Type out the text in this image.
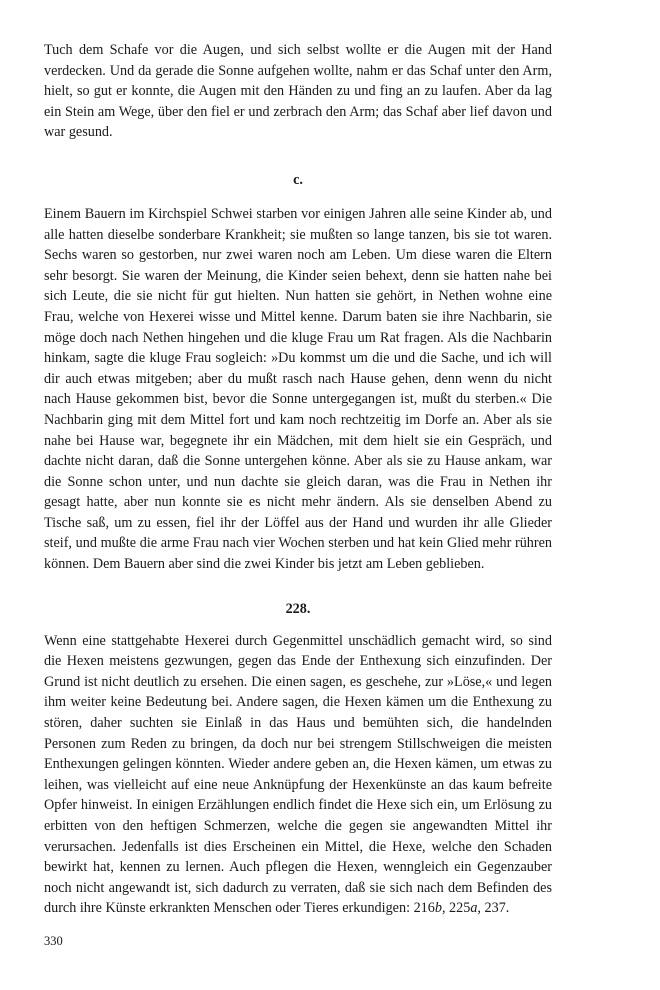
Tuch dem Schafe vor die Augen, und sich selbst wollte er die Augen mit der Hand verdecken. Und da gerade die Sonne aufgehen wollte, nahm er das Schaf unter den Arm, hielt, so gut er konnte, die Augen mit den Händen zu und fing an zu laufen. Aber da lag ein Stein am Wege, über den fiel er und zerbrach den Arm; das Schaf aber lief davon und war gesund.

c.

Einem Bauern im Kirchspiel Schwei starben vor einigen Jahren alle seine Kinder ab, und alle hatten dieselbe sonderbare Krankheit; sie mußten so lange tanzen, bis sie tot waren. Sechs waren so gestorben, nur zwei waren noch am Leben. Um diese waren die Eltern sehr besorgt. Sie waren der Meinung, die Kinder seien behext, denn sie hatten nahe bei sich Leute, die sie nicht für gut hielten. Nun hatten sie gehört, in Nethen wohne eine Frau, welche von Hexerei wisse und Mittel kenne. Darum baten sie ihre Nachbarin, sie möge doch nach Nethen hingehen und die kluge Frau um Rat fragen. Als die Nachbarin hinkam, sagte die kluge Frau sogleich: »Du kommst um die und die Sache, und ich will dir auch etwas mitgeben; aber du mußt rasch nach Hause gehen, denn wenn du nicht nach Hause gekommen bist, bevor die Sonne untergegangen ist, mußt du sterben.« Die Nachbarin ging mit dem Mittel fort und kam noch rechtzeitig im Dorfe an. Aber als sie nahe bei Hause war, begegnete ihr ein Mädchen, mit dem hielt sie ein Gespräch, und dachte nicht daran, daß die Sonne untergehen könne. Aber als sie zu Hause ankam, war die Sonne schon unter, und nun dachte sie gleich daran, was die Frau in Nethen ihr gesagt hatte, aber nun konnte sie es nicht mehr ändern. Als sie denselben Abend zu Tische saß, um zu essen, fiel ihr der Löffel aus der Hand und wurden ihr alle Glieder steif, und mußte die arme Frau nach vier Wochen sterben und hat kein Glied mehr rühren können. Dem Bauern aber sind die zwei Kinder bis jetzt am Leben geblieben.

228.

Wenn eine stattgehabte Hexerei durch Gegenmittel unschädlich gemacht wird, so sind die Hexen meistens gezwungen, gegen das Ende der Enthexung sich einzufinden. Der Grund ist nicht deutlich zu ersehen. Die einen sagen, es geschehe, zur »Löse,« und legen ihm weiter keine Bedeutung bei. Andere sagen, die Hexen kämen um die Enthexung zu stören, daher suchten sie Einlaß in das Haus und bemühten sich, die handelnden Personen zum Reden zu bringen, da doch nur bei strengem Stillschweigen die meisten Enthexungen gelingen könnten. Wieder andere geben an, die Hexen kämen, um etwas zu leihen, was vielleicht auf eine neue Anknüpfung der Hexenkünste an das kaum befreite Opfer hinweist. In einigen Erzählungen endlich findet die Hexe sich ein, um Erlösung zu erbitten von den heftigen Schmerzen, welche die gegen sie angewandten Mittel ihr verursachen. Jedenfalls ist dies Erscheinen ein Mittel, die Hexe, welche den Schaden bewirkt hat, kennen zu lernen. Auch pflegen die Hexen, wenngleich ein Gegenzauber noch nicht angewandt ist, sich dadurch zu verraten, daß sie sich nach dem Befinden des durch ihre Künste erkrankten Menschen oder Tieres erkundigen: 216b, 225a, 237.

330
